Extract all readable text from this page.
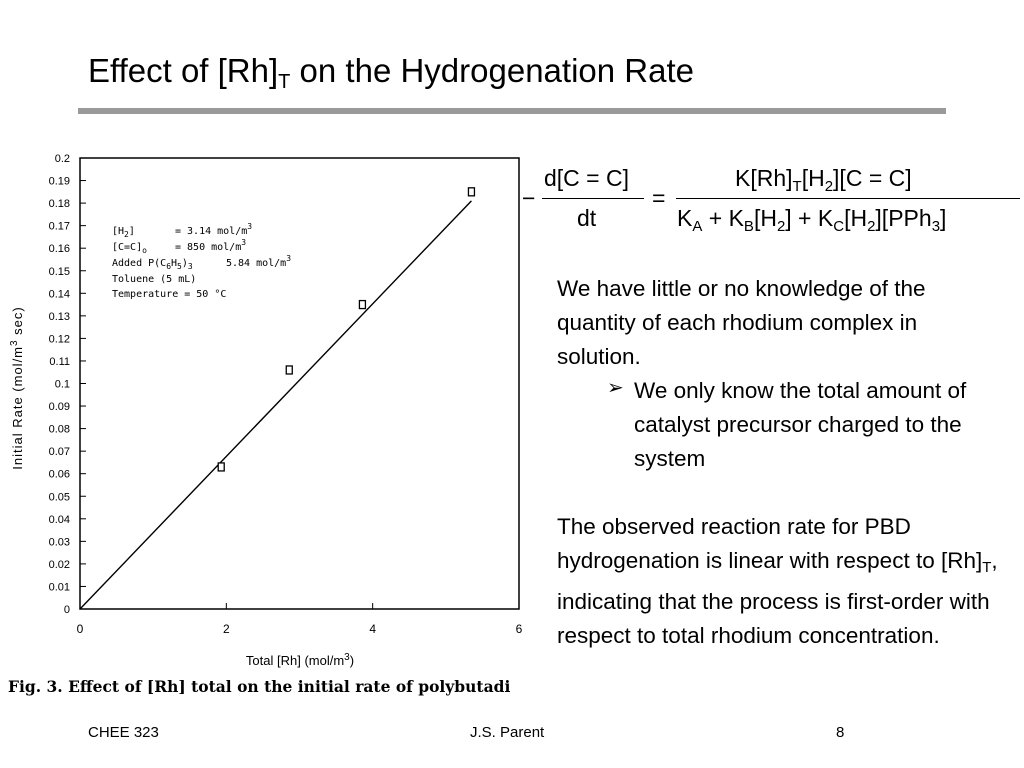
Effect of $[Rh]_T$ on the Hydrogenation Rate
0
0.01
0.02
0.03
0.04
0.05
0.06
0.07
0.08
0.09
0.1
0.11
0.12
0.13
0.14
0.15
0.16
0.17
0.18
0.19
0.2
0	2	4	6
$[H_2]$	= 3.14 mol/$m^3$
$[C=C]_o$	= 850 mol/$m^3$
Added $P(C_6H_5)_3$	5.84 mol/$m^3$
Toluene (5 mL)
Temperature = 50 °C
Total [Rh] $(mol/m^3)$
Initial Rate ($mol/m^3$ sec)
Fig. 3. Effect of [Rh] total on the initial rate of polybutadi
−
d[C = C]
dt
=
$K[Rh]_T[H_2][C = C]$
$K_A + K_B[H_2] + K_C[H_2][PPh_3]$
We have little or no knowledge of the quantity of each rhodium complex in solution.
➢ We only know the total amount of catalyst precursor charged to the system
The observed reaction rate for PBD hydrogenation is linear with respect to $[Rh]_T$, indicating that the process is first-order with respect to total rhodium concentration.
CHEE 323	J.S. Parent	8
